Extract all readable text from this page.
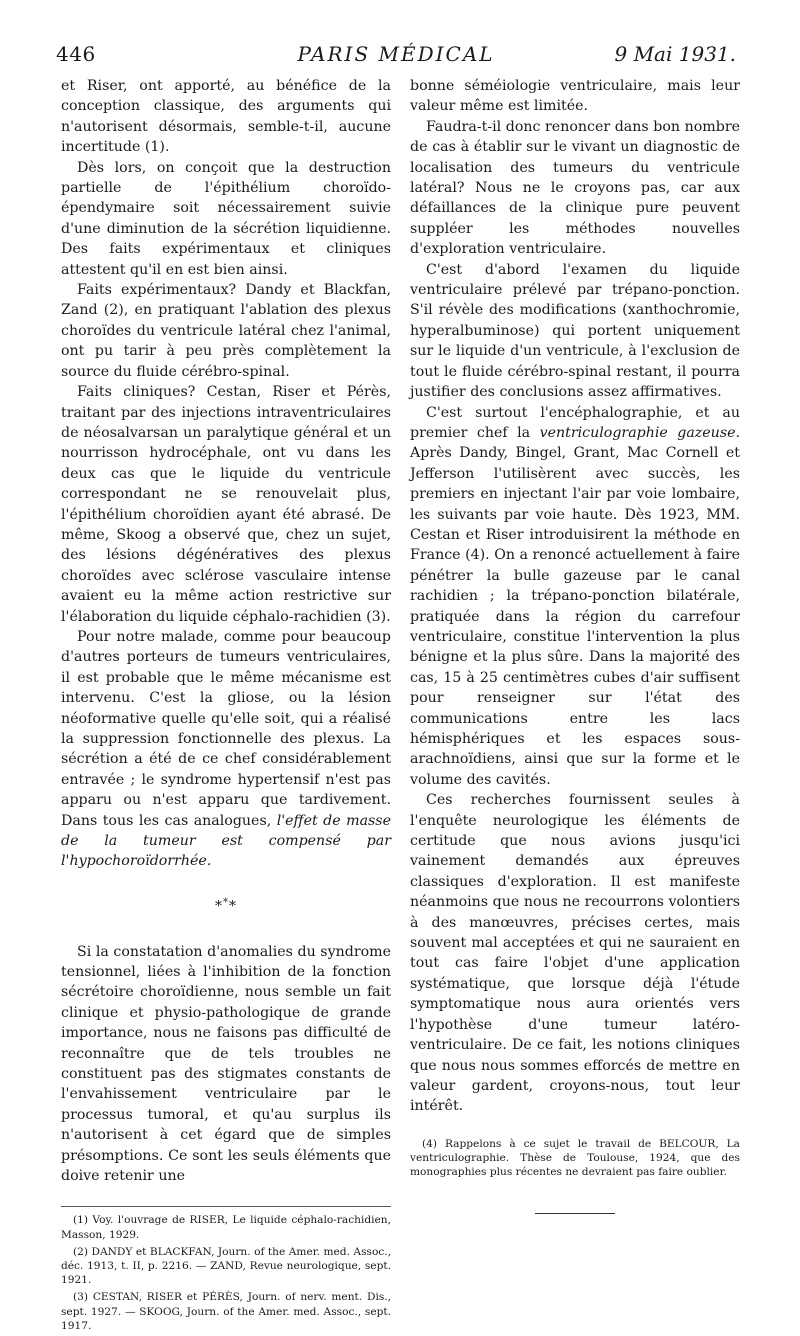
446	PARIS MÉDICAL	9 Mai 1931.

et Riser, ont apporté, au bénéfice de la conception classique, des arguments qui n'autorisent désormais, semble-t-il, aucune incertitude (1).

Dès lors, on conçoit que la destruction partielle de l'épithélium choroïdo-épendymaire soit nécessairement suivie d'une diminution de la sécrétion liquidienne. Des faits expérimentaux et cliniques attestent qu'il en est bien ainsi.

Faits expérimentaux? Dandy et Blackfan, Zand (2), en pratiquant l'ablation des plexus choroïdes du ventricule latéral chez l'animal, ont pu tarir à peu près complètement la source du fluide cérébro-spinal.

Faits cliniques? Cestan, Riser et Pérès, traitant par des injections intraventriculaires de néosalvarsan un paralytique général et un nourrisson hydrocéphale, ont vu dans les deux cas que le liquide du ventricule correspondant ne se renouvelait plus, l'épithélium choroïdien ayant été abrasé. De même, Skoog a observé que, chez un sujet, des lésions dégénératives des plexus choroïdes avec sclérose vasculaire intense avaient eu la même action restrictive sur l'élaboration du liquide céphalo-rachidien (3).

Pour notre malade, comme pour beaucoup d'autres porteurs de tumeurs ventriculaires, il est probable que le même mécanisme est intervenu. C'est la gliose, ou la lésion néoformative quelle qu'elle soit, qui a réalisé la suppression fonctionnelle des plexus. La sécrétion a été de ce chef considérablement entravée ; le syndrome hypertensif n'est pas apparu ou n'est apparu que tardivement. Dans tous les cas analogues, l'effet de masse de la tumeur est compensé par l'hypochoroïdorrhée.

***

Si la constatation d'anomalies du syndrome tensionnel, liées à l'inhibition de la fonction sécrétoire choroïdienne, nous semble un fait clinique et physio-pathologique de grande importance, nous ne faisons pas difficulté de reconnaître que de tels troubles ne constituent pas des stigmates constants de l'envahissement ventriculaire par le processus tumoral, et qu'au surplus ils n'autorisent à cet égard que de simples présomptions. Ce sont les seuls éléments que doive retenir une

(1) Voy. l'ouvrage de RISER, Le liquide céphalo-rachidien, Masson, 1929.

(2) DANDY et BLACKFAN, Journ. of the Amer. med. Assoc., déc. 1913, t. II, p. 2216. — ZAND, Revue neurologique, sept. 1921.

(3) CESTAN, RISER et PÉRÈS, Journ. of nerv. ment. Dis., sept. 1927. — SKOOG, Journ. of the Amer. med. Assoc., sept. 1917.

bonne séméiologie ventriculaire, mais leur valeur même est limitée.

Faudra-t-il donc renoncer dans bon nombre de cas à établir sur le vivant un diagnostic de localisation des tumeurs du ventricule latéral? Nous ne le croyons pas, car aux défaillances de la clinique pure peuvent suppléer les méthodes nouvelles d'exploration ventriculaire.

C'est d'abord l'examen du liquide ventriculaire prélevé par trépano-ponction. S'il révèle des modifications (xanthochromie, hyperalbuminose) qui portent uniquement sur le liquide d'un ventricule, à l'exclusion de tout le fluide cérébro-spinal restant, il pourra justifier des conclusions assez affirmatives.

C'est surtout l'encéphalographie, et au premier chef la ventriculographie gazeuse. Après Dandy, Bingel, Grant, Mac Cornell et Jefferson l'utilisèrent avec succès, les premiers en injectant l'air par voie lombaire, les suivants par voie haute. Dès 1923, MM. Cestan et Riser introduisirent la méthode en France (4). On a renoncé actuellement à faire pénétrer la bulle gazeuse par le canal rachidien ; la trépano-ponction bilatérale, pratiquée dans la région du carrefour ventriculaire, constitue l'intervention la plus bénigne et la plus sûre. Dans la majorité des cas, 15 à 25 centimètres cubes d'air suffisent pour renseigner sur l'état des communications entre les lacs hémisphériques et les espaces sous-arachnoïdiens, ainsi que sur la forme et le volume des cavités.

Ces recherches fournissent seules à l'enquête neurologique les éléments de certitude que nous avions jusqu'ici vainement demandés aux épreuves classiques d'exploration. Il est manifeste néanmoins que nous ne recourrons volontiers à des manœuvres, précises certes, mais souvent mal acceptées et qui ne sauraient en tout cas faire l'objet d'une application systématique, que lorsque déjà l'étude symptomatique nous aura orientés vers l'hypothèse d'une tumeur latéro-ventriculaire. De ce fait, les notions cliniques que nous nous sommes efforcés de mettre en valeur gardent, croyons-nous, tout leur intérêt.

(4) Rappelons à ce sujet le travail de BELCOUR, La ventriculographie. Thèse de Toulouse, 1924, que des monographies plus récentes ne devraient pas faire oublier.
